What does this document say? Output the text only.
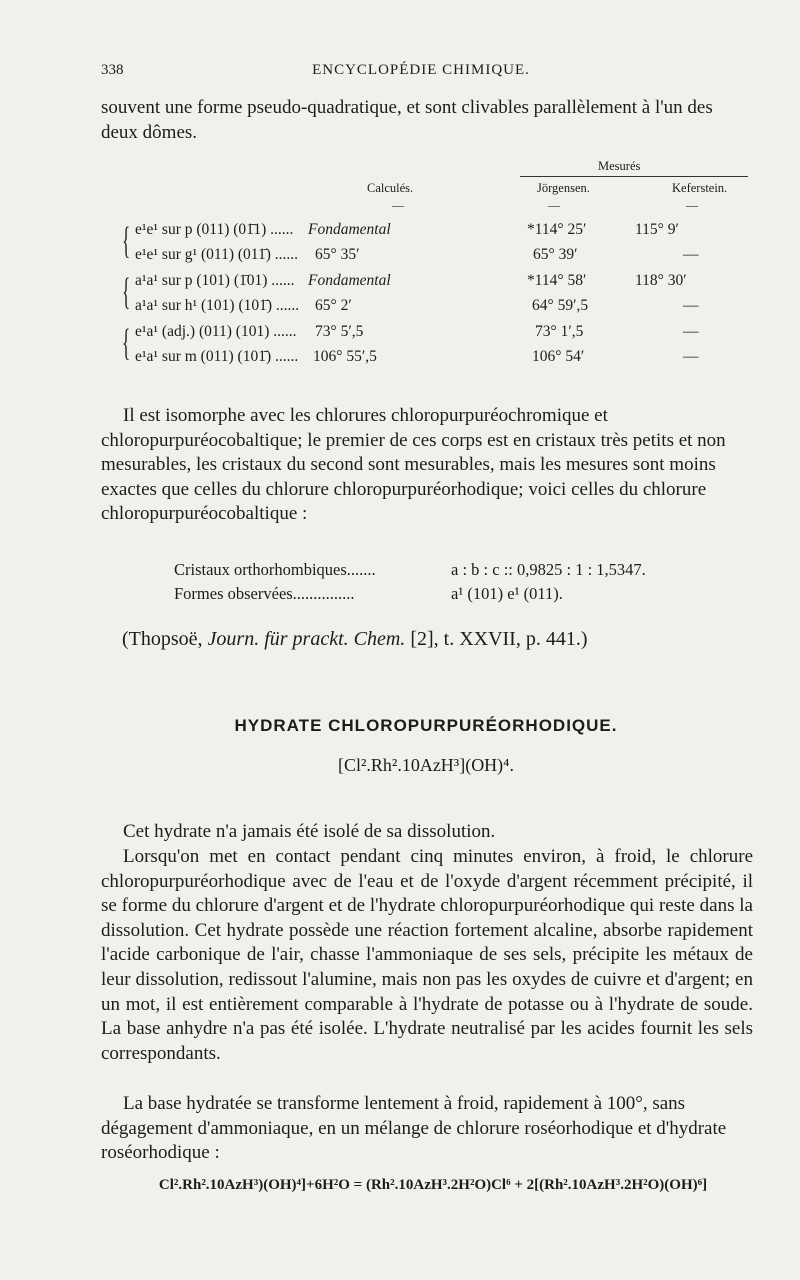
338	ENCYCLOPÉDIE CHIMIQUE.

souvent une forme pseudo-quadratique, et sont clivables parallèlement à l'un des deux dômes.

Mesurés
Calculés.	Jörgensen.	Keferstein.
—	—	—
{
{
{
e¹e¹ sur p (011) (01̄1) ...... Fondamental	*114° 25′	115° 9′
e¹e¹ sur g¹ (011) (011̄) ...... 65° 35′	65° 39′	—
a¹a¹ sur p (101) (1̄01) ...... Fondamental	*114° 58′	118° 30′
a¹a¹ sur h¹ (101) (101̄) ...... 65° 2′	64° 59′,5	—
e¹a¹ (adj.) (011) (101) ...... 73° 5′,5	73° 1′,5	—
e¹a¹ sur m (011) (101̄) ...... 106° 55′,5	106° 54′	—

Il est isomorphe avec les chlorures chloropurpuréochromique et chloropurpuréocobaltique; le premier de ces corps est en cristaux très petits et non mesurables, les cristaux du second sont mesurables, mais les mesures sont moins exactes que celles du chlorure chloropurpuréorhodique; voici celles du chlorure chloropurpuréocobaltique :

Cristaux orthorhombiques.......	a : b : c :: 0,9825 : 1 : 1,5347.
Formes observées...............	a¹ (101) e¹ (011).
(Thopsoë, Journ. für prackt. Chem. [2], t. XXVII, p. 441.)
HYDRATE CHLOROPURPURÉORHODIQUE.
[Cl².Rh².10AzH³](OH)⁴.

Cet hydrate n'a jamais été isolé de sa dissolution.

Lorsqu'on met en contact pendant cinq minutes environ, à froid, le chlorure chloropurpuréorhodique avec de l'eau et de l'oxyde d'argent récemment précipité, il se forme du chlorure d'argent et de l'hydrate chloropurpuréorhodique qui reste dans la dissolution. Cet hydrate possède une réaction fortement alcaline, absorbe rapidement l'acide carbonique de l'air, chasse l'ammoniaque de ses sels, précipite les métaux de leur dissolution, redissout l'alumine, mais non pas les oxydes de cuivre et d'argent; en un mot, il est entièrement comparable à l'hydrate de potasse ou à l'hydrate de soude. La base anhydre n'a pas été isolée. L'hydrate neutralisé par les acides fournit les sels correspondants.

La base hydratée se transforme lentement à froid, rapidement à 100°, sans dégagement d'ammoniaque, en un mélange de chlorure roséorhodique et d'hydrate roséorhodique :

Cl².Rh².10AzH³)(OH)⁴]+6H²O = (Rh².10AzH³.2H²O)Cl⁶ + 2[(Rh².10AzH³.2H²O)(OH)⁶]
